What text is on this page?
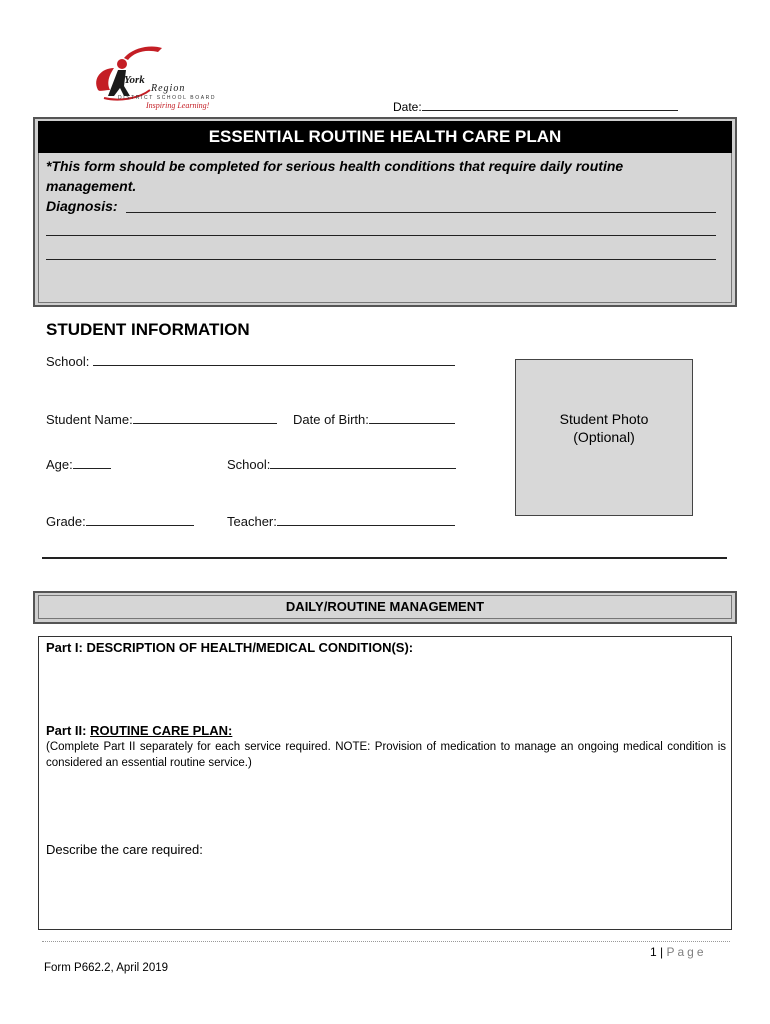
York
Region
DISTRICT SCHOOL BOARD
Inspiring Learning!	Date:
ESSENTIAL ROUTINE HEALTH CARE PLAN
*This form should be completed for serious health conditions that require daily routine management.
Diagnosis:
STUDENT INFORMATION
School:
Student Name:	Date of Birth:
Age:	School:
Grade:	Teacher:
Student Photo
(Optional)
DAILY/ROUTINE MANAGEMENT
Part I: DESCRIPTION OF HEALTH/MEDICAL CONDITION(S):
Part II: ROUTINE CARE PLAN:
(Complete Part II separately for each service required. NOTE: Provision of medication to manage an ongoing medical condition is considered an essential routine service.)
Describe the care required:
1 | Page
Form P662.2, April 2019
